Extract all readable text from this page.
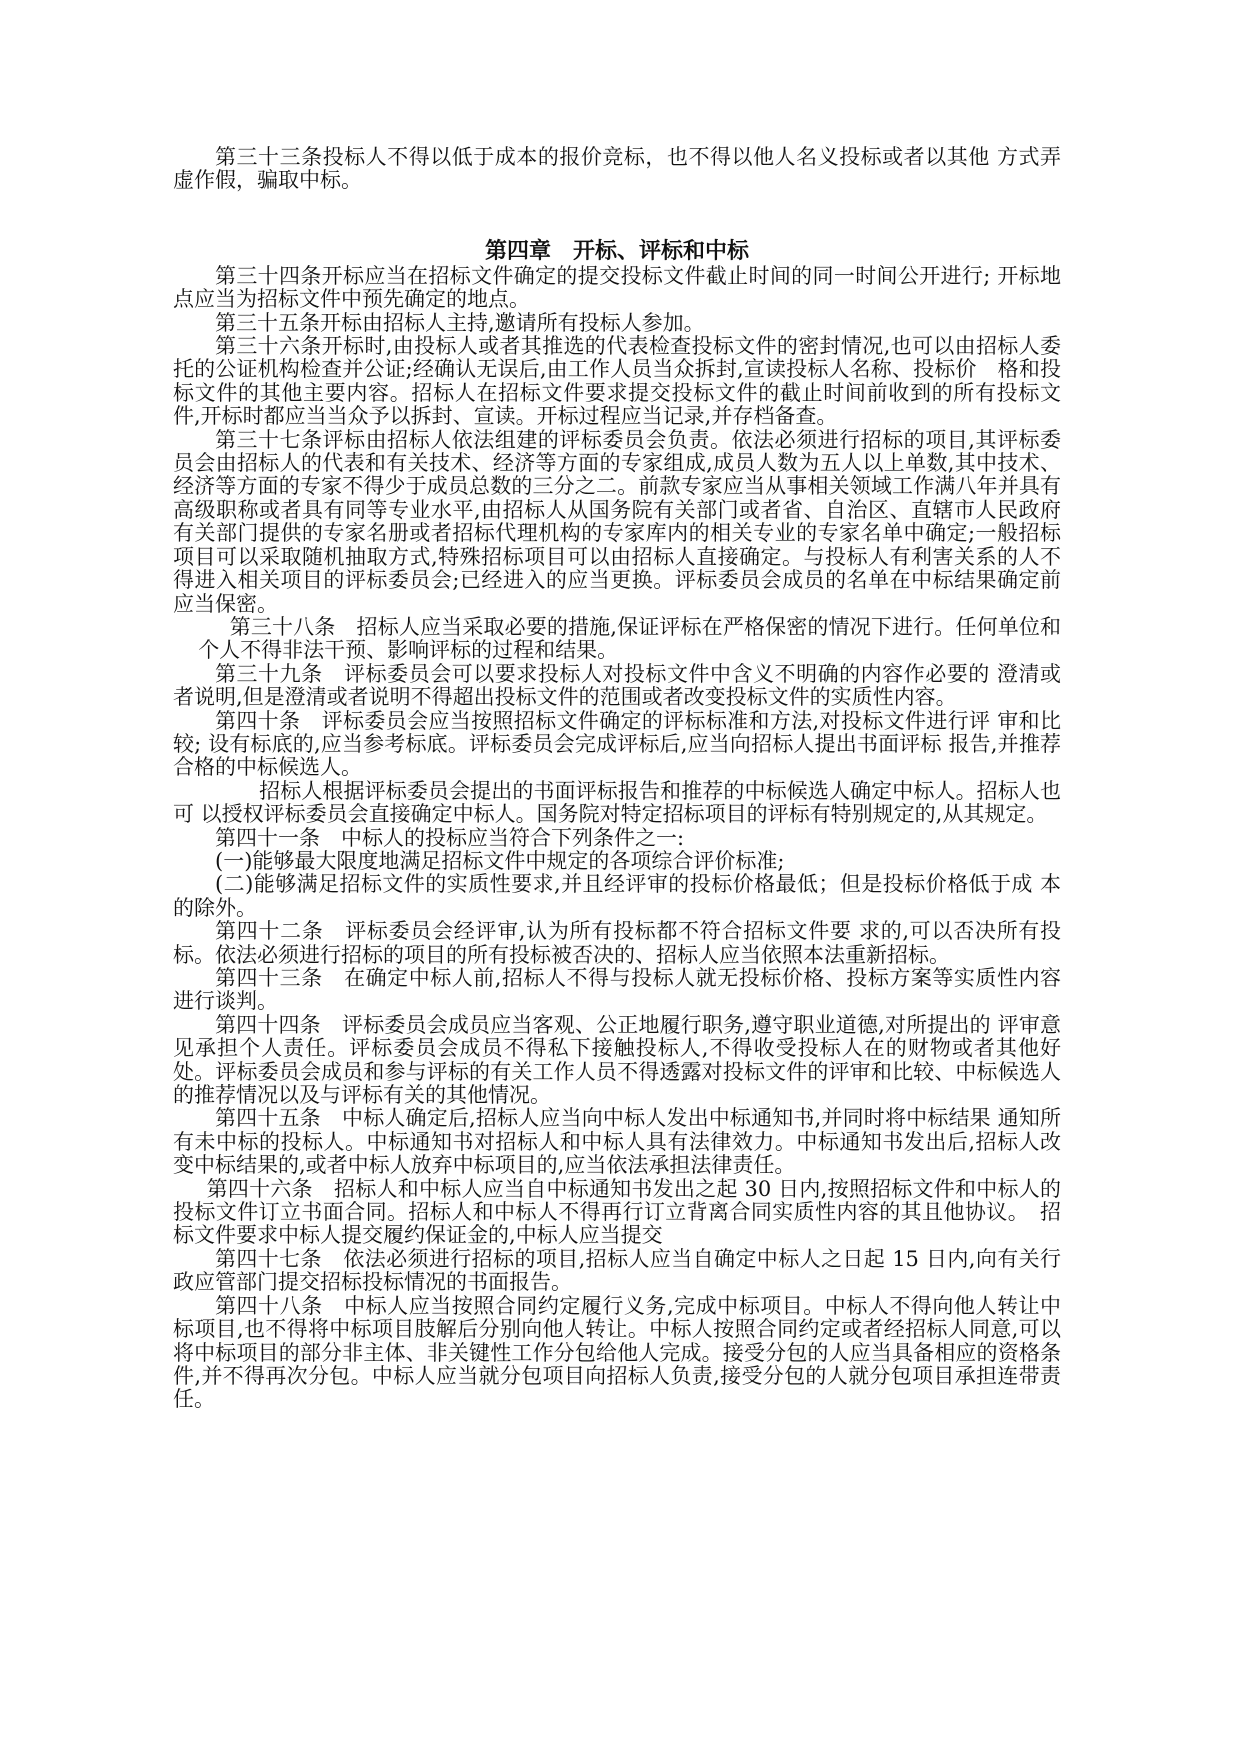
第三十三条投标人不得以低于成本的报价竞标，也不得以他人名义投标或者以其他 方式弄虚作假，骗取中标。

第四章　开标、评标和中标

第三十四条开标应当在招标文件确定的提交投标文件截止时间的同一时间公开进行; 开标地点应当为招标文件中预先确定的地点。

第三十五条开标由招标人主持,邀请所有投标人参加。

第三十六条开标时,由投标人或者其推选的代表检查投标文件的密封情况,也可以由招标人委托的公证机构检查并公证;经确认无误后,由工作人员当众拆封,宣读投标人名称、投标价　格和投标文件的其他主要内容。招标人在招标文件要求提交投标文件的截止时间前收到的所有投标文件,开标时都应当当众予以拆封、宣读。开标过程应当记录,并存档备查。

第三十七条评标由招标人依法组建的评标委员会负责。依法必须进行招标的项目,其评标委员会由招标人的代表和有关技术、经济等方面的专家组成,成员人数为五人以上单数,其中技术、经济等方面的专家不得少于成员总数的三分之二。前款专家应当从事相关领域工作满八年并具有高级职称或者具有同等专业水平,由招标人从国务院有关部门或者省、自治区、直辖市人民政府有关部门提供的专家名册或者招标代理机构的专家库内的相关专业的专家名单中确定;一般招标项目可以采取随机抽取方式,特殊招标项目可以由招标人直接确定。与投标人有利害关系的人不得进入相关项目的评标委员会;已经进入的应当更换。评标委员会成员的名单在中标结果确定前应当保密。

第三十八条　招标人应当采取必要的措施,保证评标在严格保密的情况下进行。任何单位和个人不得非法干预、影响评标的过程和结果。

第三十九条　评标委员会可以要求投标人对投标文件中含义不明确的内容作必要的 澄清或者说明,但是澄清或者说明不得超出投标文件的范围或者改变投标文件的实质性内容。

第四十条　评标委员会应当按照招标文件确定的评标标准和方法,对投标文件进行评 审和比较; 设有标底的,应当参考标底。评标委员会完成评标后,应当向招标人提出书面评标 报告,并推荐合格的中标候选人。

招标人根据评标委员会提出的书面评标报告和推荐的中标候选人确定中标人。招标人也可 以授权评标委员会直接确定中标人。国务院对特定招标项目的评标有特别规定的,从其规定。

第四十一条　中标人的投标应当符合下列条件之一:

(一)能够最大限度地满足招标文件中规定的各项综合评价标准;

(二)能够满足招标文件的实质性要求,并且经评审的投标价格最低；但是投标价格低于成 本的除外。

第四十二条　评标委员会经评审,认为所有投标都不符合招标文件要 求的,可以否决所有投标。依法必须进行招标的项目的所有投标被否决的、招标人应当依照本法重新招标。

第四十三条　在确定中标人前,招标人不得与投标人就无投标价格、投标方案等实质性内容进行谈判。

第四十四条　评标委员会成员应当客观、公正地履行职务,遵守职业道德,对所提出的 评审意见承担个人责任。评标委员会成员不得私下接触投标人,不得收受投标人在的财物或者其他好处。评标委员会成员和参与评标的有关工作人员不得透露对投标文件的评审和比较、中标候选人的推荐情况以及与评标有关的其他情况。

第四十五条　中标人确定后,招标人应当向中标人发出中标通知书,并同时将中标结果 通知所有未中标的投标人。中标通知书对招标人和中标人具有法律效力。中标通知书发出后,招标人改变中标结果的,或者中标人放弃中标项目的,应当依法承担法律责任。

第四十六条　招标人和中标人应当自中标通知书发出之起 30 日内,按照招标文件和中标人的投标文件订立书面合同。招标人和中标人不得再行订立背离合同实质性内容的其且他协议。　招标文件要求中标人提交履约保证金的,中标人应当提交

第四十七条　依法必须进行招标的项目,招标人应当自确定中标人之日起 15 日内,向有关行政应管部门提交招标投标情况的书面报告。

第四十八条　中标人应当按照合同约定履行义务,完成中标项目。中标人不得向他人转让中标项目,也不得将中标项目肢解后分别向他人转让。中标人按照合同约定或者经招标人同意,可以将中标项目的部分非主体、非关键性工作分包给他人完成。接受分包的人应当具备相应的资格条件,并不得再次分包。中标人应当就分包项目向招标人负责,接受分包的人就分包项目承担连带责任。
